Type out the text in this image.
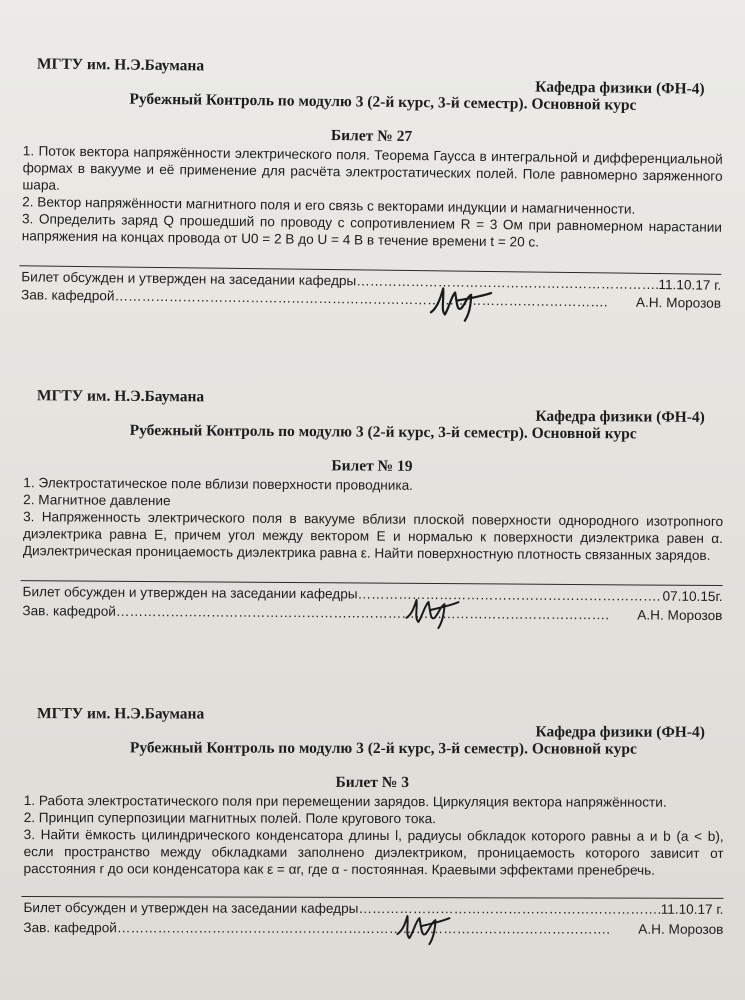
МГТУ им. Н.Э.Баумана
Кафедра физики (ФН-4)
Рубежный Контроль по модулю 3 (2-й курс, 3-й семестр). Основной курс
Билет № 27

1. Поток вектора напряжённости электрического поля. Теорема Гаусса в интегральной и дифференциальной формах в вакууме и её применение для расчёта электростатических полей. Поле равномерно заряженного шара.

2. Вектор напряжённости магнитного поля и его связь с векторами индукции и намагниченности.

3. Определить заряд Q прошедший по проводу с сопротивлением R = 3 Ом при равномерном нарастании напряжения на концах провода от U0 = 2 В до U = 4 В в течение времени t = 20 с.

Билет обсужден и утвержден на заседании кафедры…………………………………………………………. 11.10.17 г.
Зав. кафедрой………………………………………………………………………………………………. А.Н. Морозов
МГТУ им. Н.Э.Баумана
Кафедра физики (ФН-4)
Рубежный Контроль по модулю 3 (2-й курс, 3-й семестр). Основной курс
Билет № 19

1. Электростатическое поле вблизи поверхности проводника.

2. Магнитное давление

3. Напряженность электрического поля в вакууме вблизи плоской поверхности однородного изотропного диэлектрика равна E, причем угол между вектором E и нормалью к поверхности диэлектрика равен α. Диэлектрическая проницаемость диэлектрика равна ε. Найти поверхностную плотность связанных зарядов.

Билет обсужден и утвержден на заседании кафедры…………………………………………………………. 07.10.15г.
Зав. кафедрой………………………………………………………………………………………………. А.Н. Морозов
МГТУ им. Н.Э.Баумана
Кафедра физики (ФН-4)
Рубежный Контроль по модулю 3 (2-й курс, 3-й семестр). Основной курс
Билет № 3

1. Работа электростатического поля при перемещении зарядов. Циркуляция вектора напряжённости.

2. Принцип суперпозиции магнитных полей. Поле кругового тока.

3. Найти ёмкость цилиндрического конденсатора длины l, радиусы обкладок которого равны a и b (a < b), если пространство между обкладками заполнено диэлектриком, проницаемость которого зависит от расстояния r до оси конденсатора как ε = αr, где α - постоянная. Краевыми эффектами пренебречь.

Билет обсужден и утвержден на заседании кафедры…………………………………………………………. 11.10.17 г.
Зав. кафедрой………………………………………………………………………………………………. А.Н. Морозов
